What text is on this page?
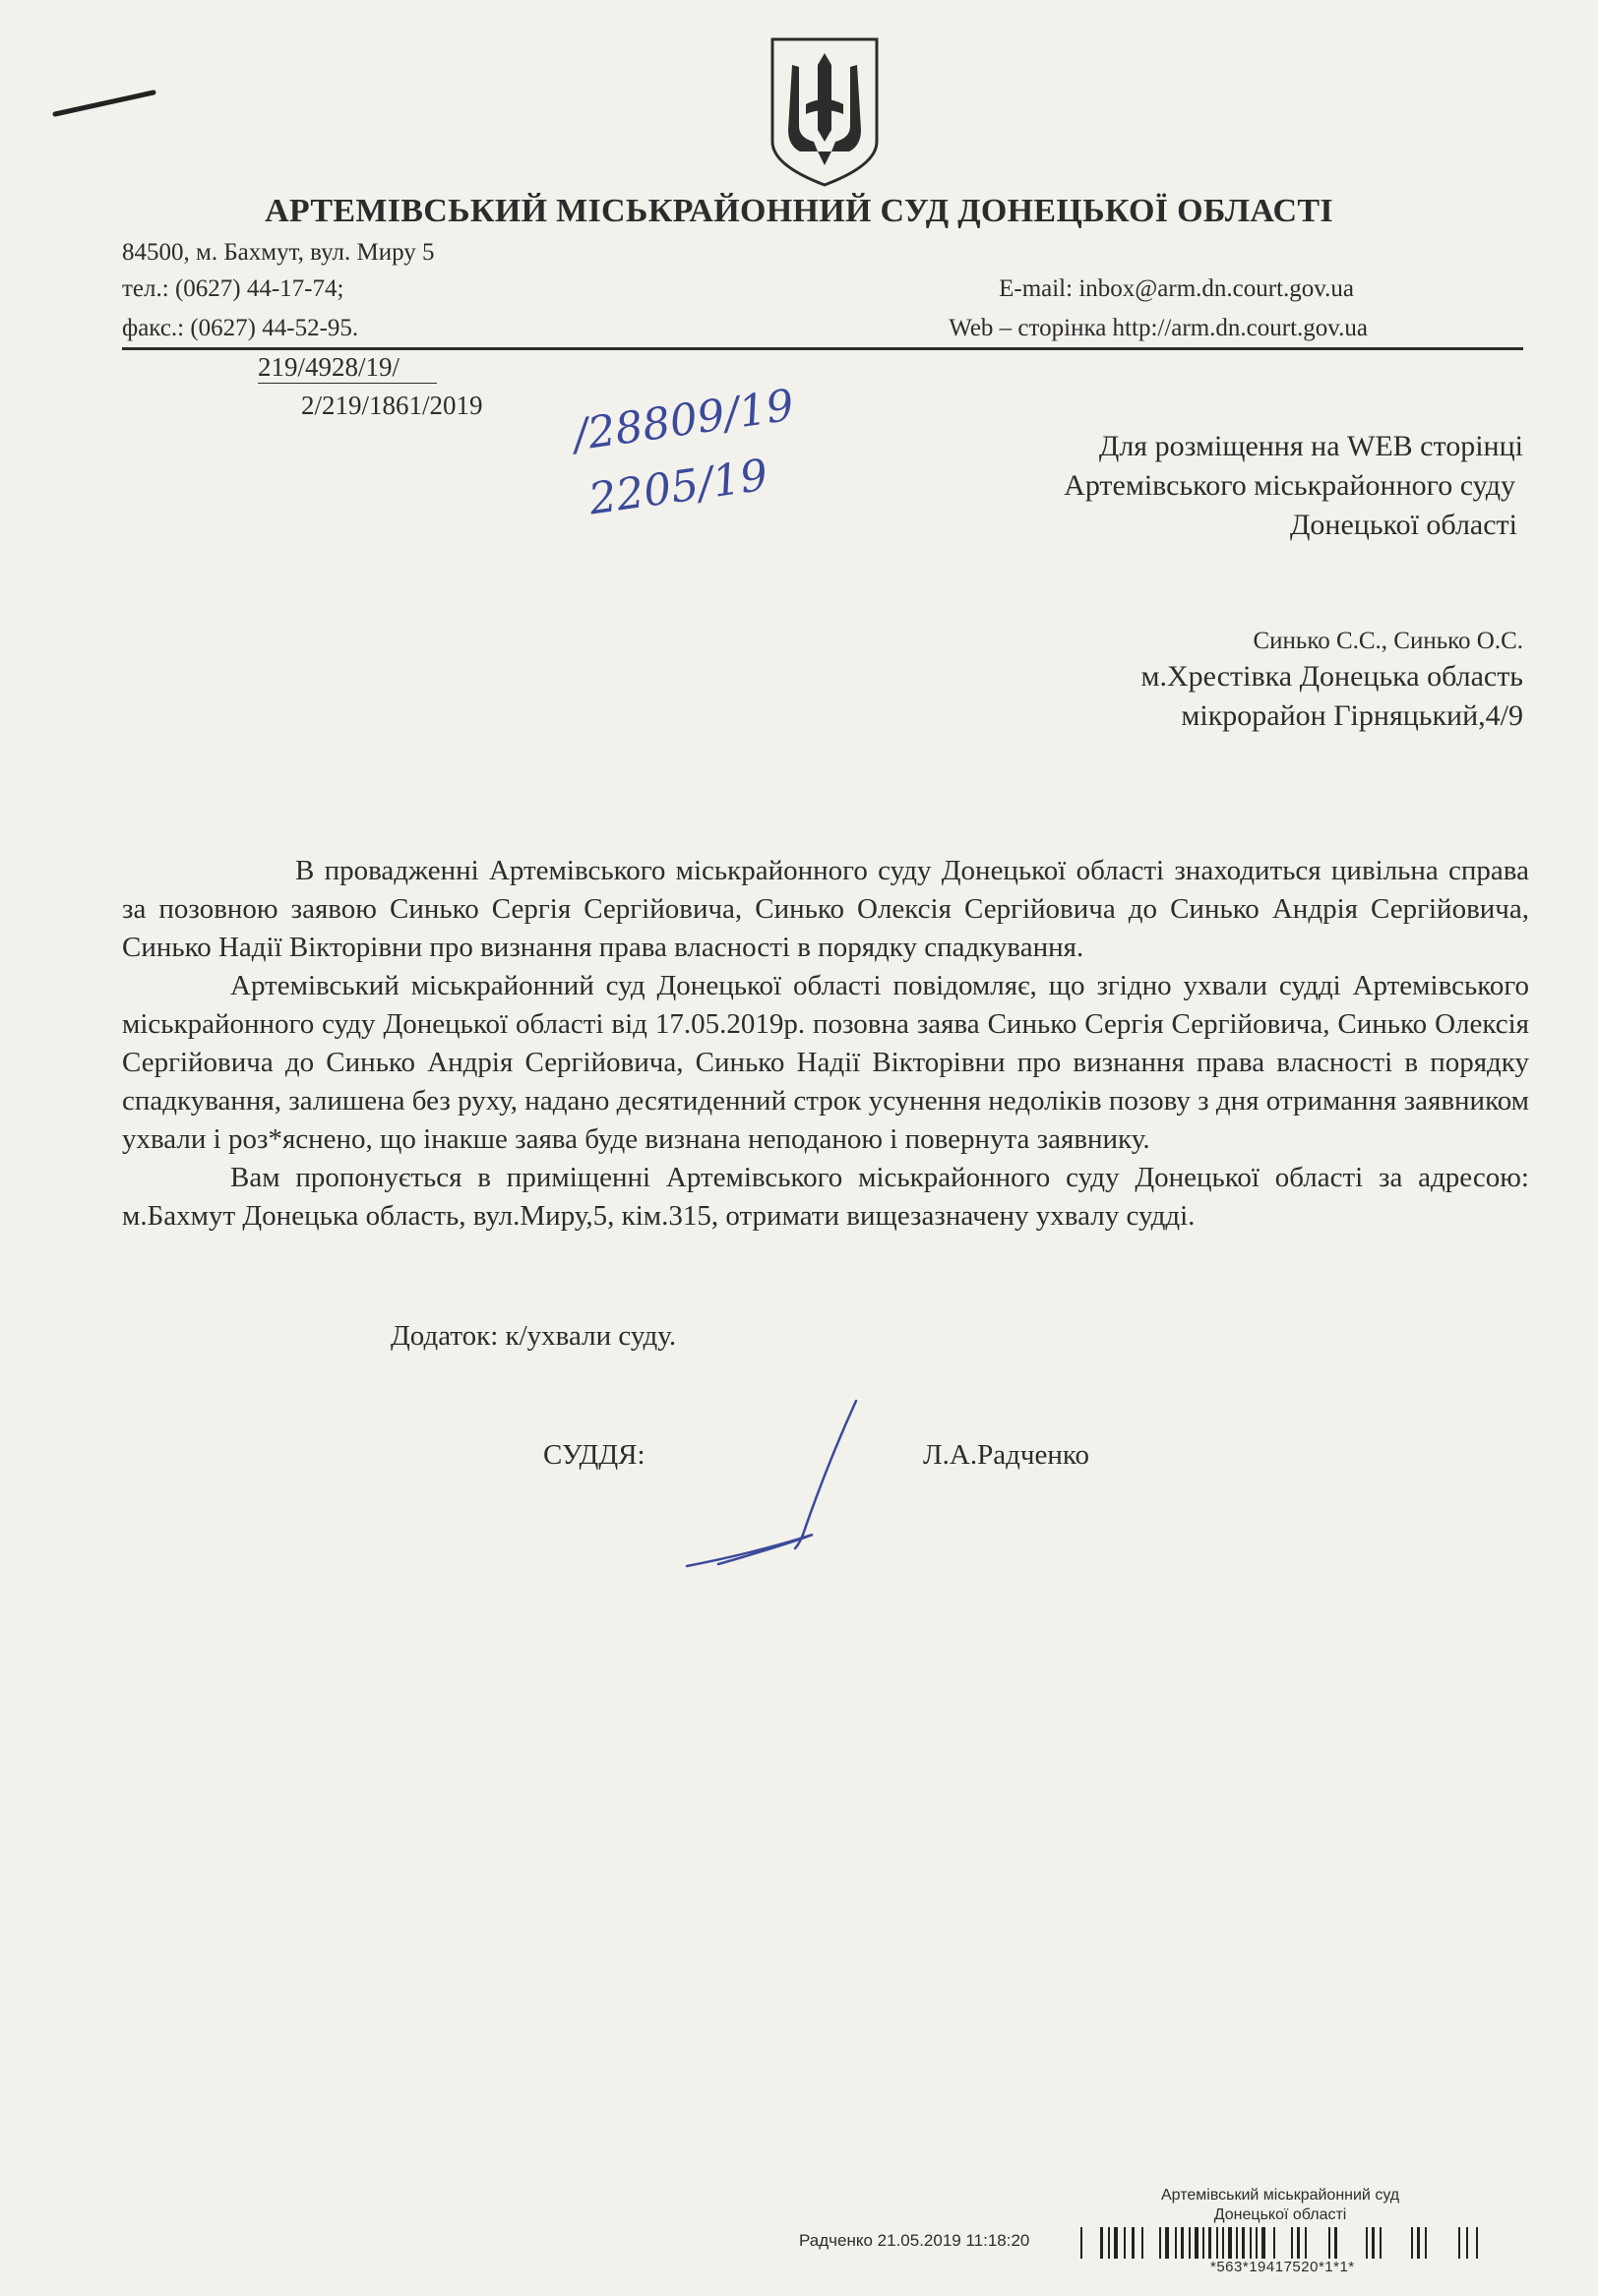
АРТЕМІВСЬКИЙ МІСЬКРАЙОННИЙ СУД ДОНЕЦЬКОЇ ОБЛАСТІ
84500, м. Бахмут, вул. Миру 5
тел.: (0627) 44-17-74;
факс.: (0627) 44-52-95.
E-mail: inbox@arm.dn.court.gov.ua
Web – сторінка http://arm.dn.court.gov.ua
219/4928/19/
2/219/1861/2019 /28809/19
2205/19
Для розміщення на WEB сторінці
Артемівського міськрайонного суду
Донецької області
Синько С.С., Синько О.С.
м.Хрестівка Донецька область
мікрорайон Гірняцький,4/9

В провадженні Артемівського міськрайонного суду Донецької області знаходиться цивільна справа за позовною заявою Синько Сергія Сергійовича, Синько Олексія Сергійовича до Синько Андрія Сергійовича, Синько Надії Вікторівни про визнання права власності в порядку спадкування.

Артемівський міськрайонний суд Донецької області повідомляє, що згідно ухвали судді Артемівського міськрайонного суду Донецької області від 17.05.2019р. позовна заява Синько Сергія Сергійовича, Синько Олексія Сергійовича до Синько Андрія Сергійовича, Синько Надії Вікторівни про визнання права власності в порядку спадкування, залишена без руху, надано десятиденний строк усунення недоліків позову з дня отримання заявником ухвали і роз*яснено, що інакше заява буде визнана неподаною і повернута заявнику.

Вам пропонується в приміщенні Артемівського міськрайонного суду Донецької області за адресою: м.Бахмут Донецька область, вул.Миру,5, кім.315, отримати вищезазначену ухвалу судді.

Додаток: к/ухвали суду.
СУДДЯ:	Л.А.Радченко
Артемівський міськрайонний суд
Донецької області
Радченко 21.05.2019 11:18:20
*563*19417520*1*1*
